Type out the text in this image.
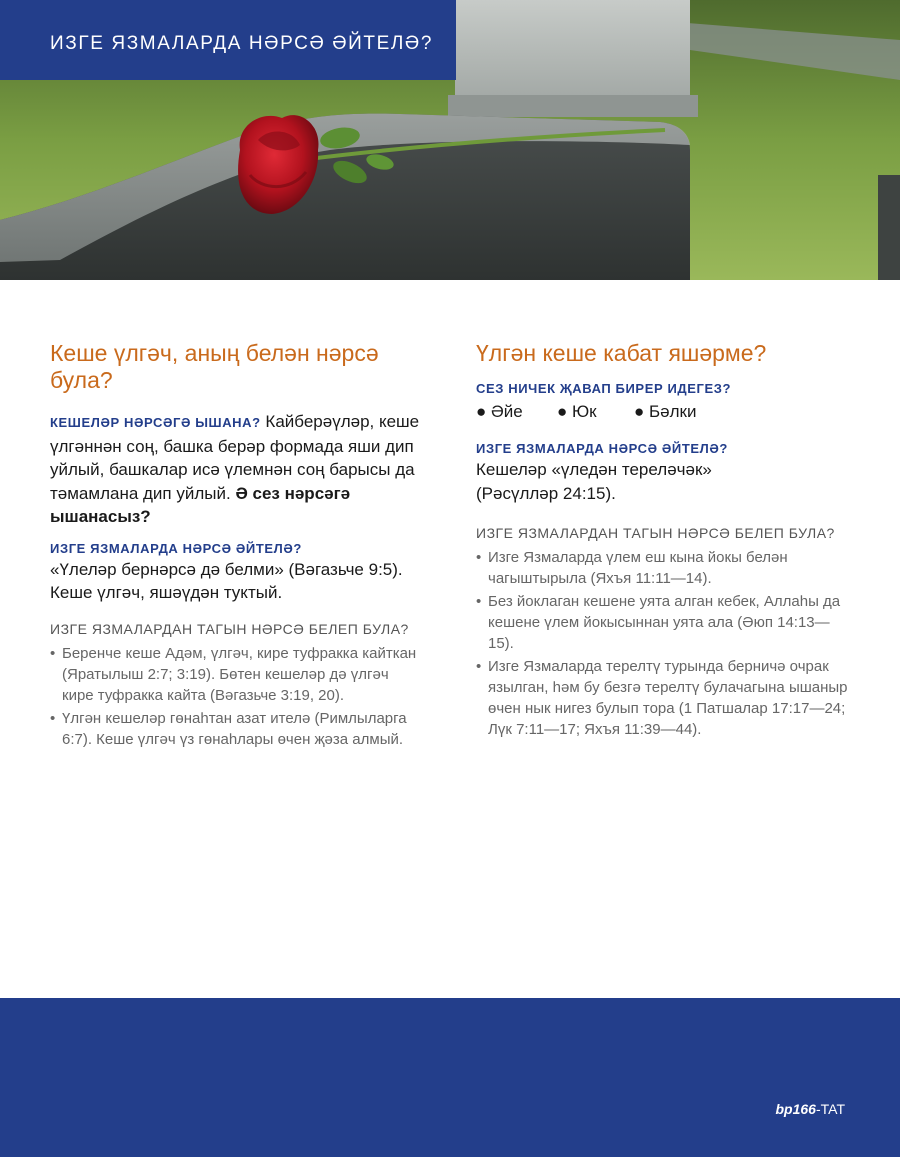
ИЗГЕ ЯЗМАЛАРДА НӘРСӘ ӘЙТЕЛӘ?
Кеше үлгәч, аның белән нәрсә була?
КЕШЕЛӘР НӘРСӘГӘ ЫШАНА? Кайберәүләр, кеше үлгәннән соң, башка берәр формада яши дип уйлый, башкалар исә үлемнән соң барысы да тәмамлана дип уйлый. Ә сез нәрсәгә ышанасыз?
ИЗГЕ ЯЗМАЛАРДА НӘРСӘ ӘЙТЕЛӘ?
«Үлеләр бернәрсә дә белми» (Вәгазьче 9:5). Кеше үлгәч, яшәүдән туктый.
ИЗГЕ ЯЗМАЛАРДАН ТАГЫН НӘРСӘ БЕЛЕП БУЛА?
• Беренче кеше Адәм, үлгәч, кире туфракка кайткан (Яратылыш 2:7; 3:19). Бөтен кешеләр дә үлгәч кире туфракка кайта (Вәгазьче 3:19, 20).
• Үлгән кешеләр гөнаһтан азат ителә (Римлыларга 6:7). Кеше үлгәч үз гөнаһлары өчен җәза алмый.
Үлгән кеше кабат яшәрме?
СЕЗ НИЧЕК ҖАВАП БИРЕР ИДЕГЕЗ?
● Әйе	● Юк	● Бәлки
ИЗГЕ ЯЗМАЛАРДА НӘРСӘ ӘЙТЕЛӘ?
Кешеләр «үледән тереләчәк» (Рәсүлләр 24:15).
ИЗГЕ ЯЗМАЛАРДАН ТАГЫН НӘРСӘ БЕЛЕП БУЛА?
• Изге Язмаларда үлем еш кына йокы белән чагыштырыла (Яхъя 11:11—14).
• Без йоклаган кешене уята алган кебек, Аллаһы да кешене үлем йокысыннан уята ала (Әюп 14:13—15).
• Изге Язмаларда терелтү турында берничә очрак язылган, һәм бу безгә терелтү булачагына ышаныр өчен нык нигез булып тора (1 Патшалар 17:17—24; Лүк 7:11—17; Яхъя 11:39—44).
bp166-TAT
